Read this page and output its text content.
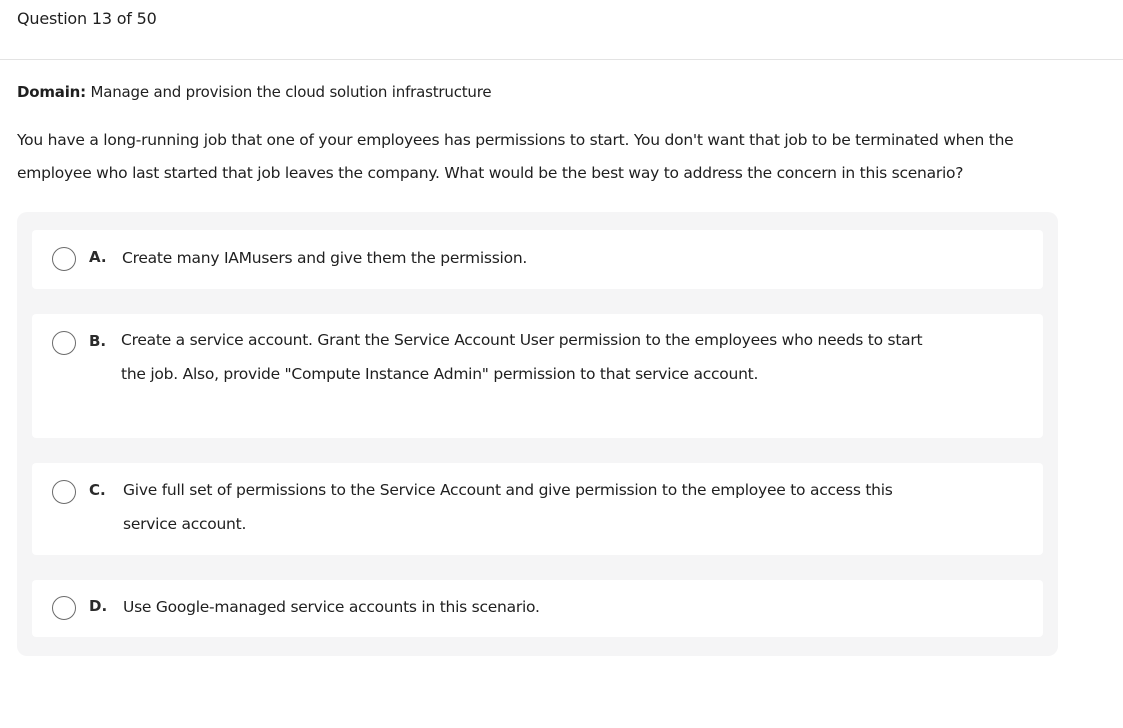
Question 13 of 50
Domain: Manage and provision the cloud solution infrastructure
You have a long-running job that one of your employees has permissions to start. You don't want that job to be terminated when the employee who last started that job leaves the company. What would be the best way to address the concern in this scenario?
A. Create many IAMusers and give them the permission.
B. Create a service account. Grant the Service Account User permission to the employees who needs to start the job. Also, provide "Compute Instance Admin" permission to that service account.
C. Give full set of permissions to the Service Account and give permission to the employee to access this service account.
D. Use Google-managed service accounts in this scenario.
